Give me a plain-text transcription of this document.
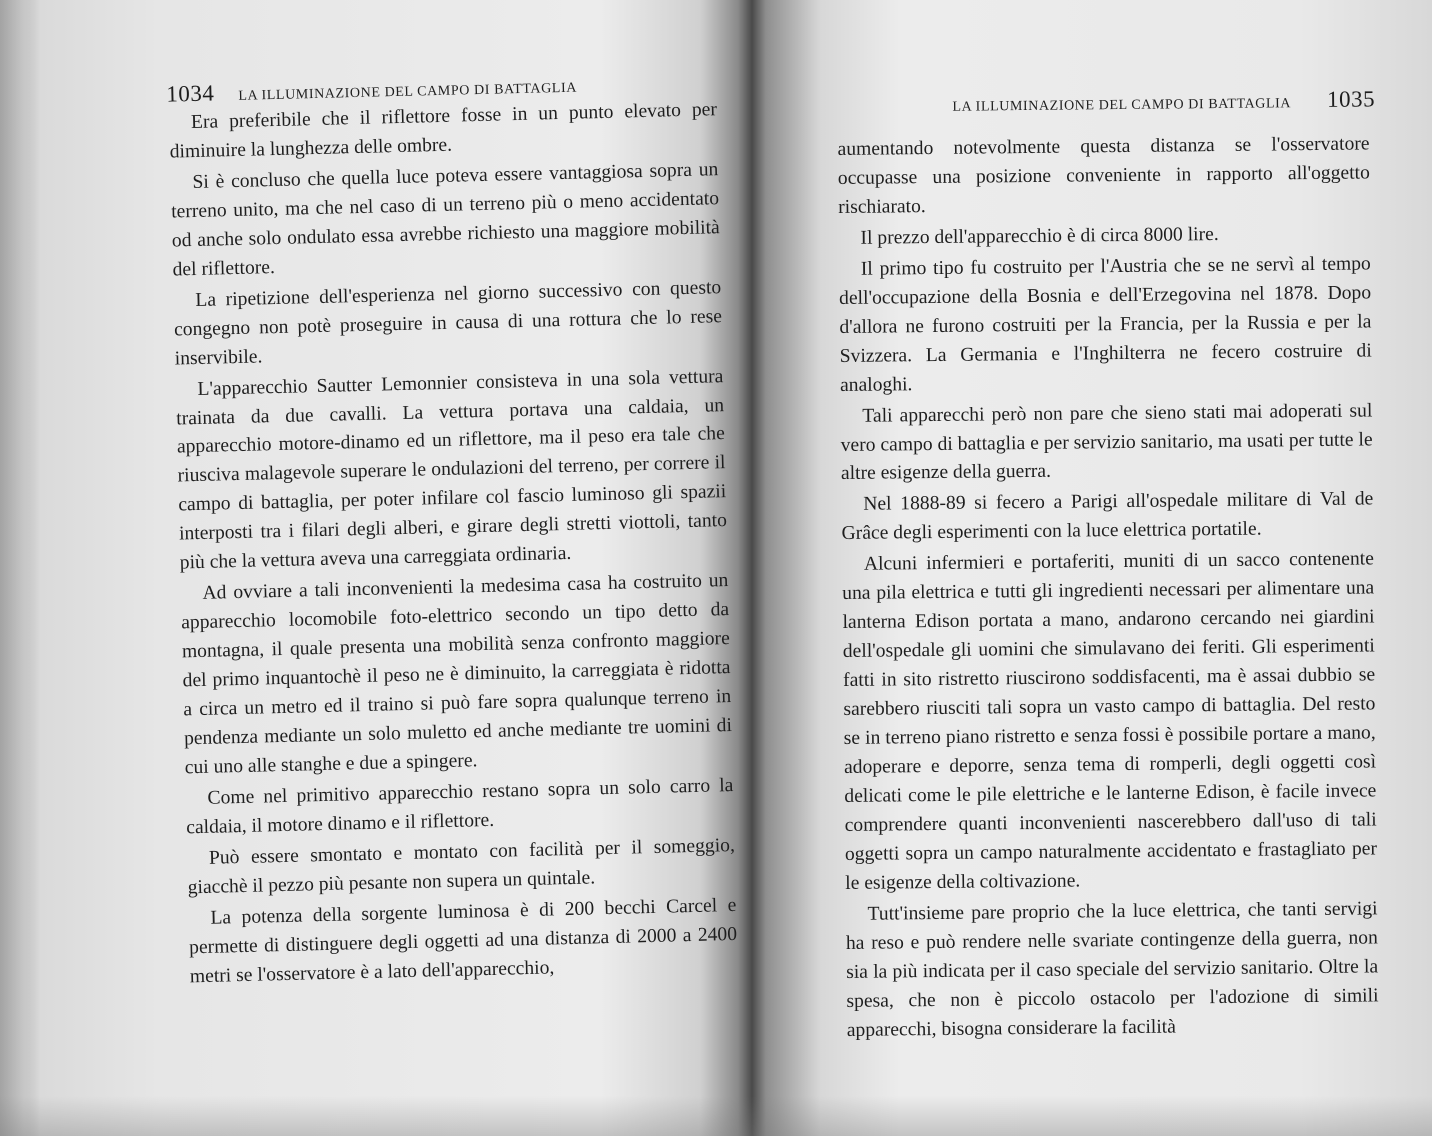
1034 LA ILLUMINAZIONE DEL CAMPO DI BATTAGLIA

Era preferibile che il riflettore fosse in un punto elevato per diminuire la lunghezza delle ombre.

Si è concluso che quella luce poteva essere vantaggiosa sopra un terreno unito, ma che nel caso di un terreno più o meno accidentato od anche solo ondulato essa avrebbe richiesto una maggiore mobilità del riflettore.

La ripetizione dell'esperienza nel giorno successivo con questo congegno non potè proseguire in causa di una rottura che lo rese inservibile.

L'apparecchio Sautter Lemonnier consisteva in una sola vettura trainata da due cavalli. La vettura portava una caldaia, un apparecchio motore-dinamo ed un riflettore, ma il peso era tale che riusciva malagevole superare le ondulazioni del terreno, per correre il campo di battaglia, per poter infilare col fascio luminoso gli spazii interposti tra i filari degli alberi, e girare degli stretti viottoli, tanto più che la vettura aveva una carreggiata ordinaria.

Ad ovviare a tali inconvenienti la medesima casa ha costruito un apparecchio locomobile foto-elettrico secondo un tipo detto da montagna, il quale presenta una mobilità senza confronto maggiore del primo inquantochè il peso ne è diminuito, la carreggiata è ridotta a circa un metro ed il traino si può fare sopra qualunque terreno in pendenza mediante un solo muletto ed anche mediante tre uomini di cui uno alle stanghe e due a spingere.

Come nel primitivo apparecchio restano sopra un solo carro la caldaia, il motore dinamo e il riflettore.

Può essere smontato e montato con facilità per il someggio, giacchè il pezzo più pesante non supera un quintale.

La potenza della sorgente luminosa è di 200 becchi Carcel e permette di distinguere degli oggetti ad una distanza di 2000 a 2400 metri se l'osservatore è a lato dell'apparecchio,

LA ILLUMINAZIONE DEL CAMPO DI BATTAGLIA 1035

aumentando notevolmente questa distanza se l'osservatore occupasse una posizione conveniente in rapporto all'oggetto rischiarato.

Il prezzo dell'apparecchio è di circa 8000 lire.

Il primo tipo fu costruito per l'Austria che se ne servì al tempo dell'occupazione della Bosnia e dell'Erzegovina nel 1878. Dopo d'allora ne furono costruiti per la Francia, per la Russia e per la Svizzera. La Germania e l'Inghilterra ne fecero costruire di analoghi.

Tali apparecchi però non pare che sieno stati mai adoperati sul vero campo di battaglia e per servizio sanitario, ma usati per tutte le altre esigenze della guerra.

Nel 1888-89 si fecero a Parigi all'ospedale militare di Val de Grâce degli esperimenti con la luce elettrica portatile.

Alcuni infermieri e portaferiti, muniti di un sacco contenente una pila elettrica e tutti gli ingredienti necessari per alimentare una lanterna Edison portata a mano, andarono cercando nei giardini dell'ospedale gli uomini che simulavano dei feriti. Gli esperimenti fatti in sito ristretto riuscirono soddisfacenti, ma è assai dubbio se sarebbero riusciti tali sopra un vasto campo di battaglia. Del resto se in terreno piano ristretto e senza fossi è possibile portare a mano, adoperare e deporre, senza tema di romperli, degli oggetti così delicati come le pile elettriche e le lanterne Edison, è facile invece comprendere quanti inconvenienti nascerebbero dall'uso di tali oggetti sopra un campo naturalmente accidentato e frastagliato per le esigenze della coltivazione.

Tutt'insieme pare proprio che la luce elettrica, che tanti servigi ha reso e può rendere nelle svariate contingenze della guerra, non sia la più indicata per il caso speciale del servizio sanitario. Oltre la spesa, che non è piccolo ostacolo per l'adozione di simili apparecchi, bisogna considerare la facilità
